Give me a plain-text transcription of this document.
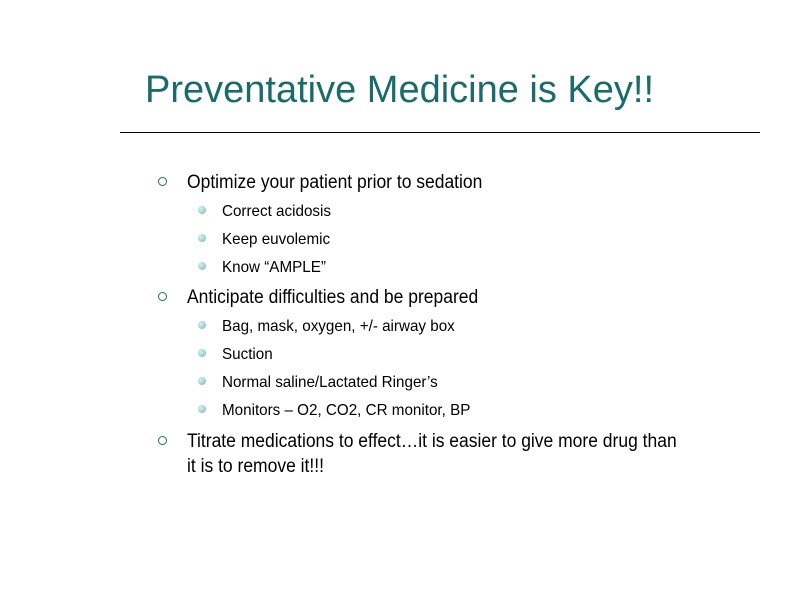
Preventative Medicine is Key!!
Optimize your patient prior to sedation
Correct acidosis
Keep euvolemic
Know “AMPLE”
Anticipate difficulties and be prepared
Bag, mask, oxygen, +/- airway box
Suction
Normal saline/Lactated Ringer’s
Monitors – O2, CO2, CR monitor, BP
Titrate medications to effect…it is easier to give more drug than it is to remove it!!!
